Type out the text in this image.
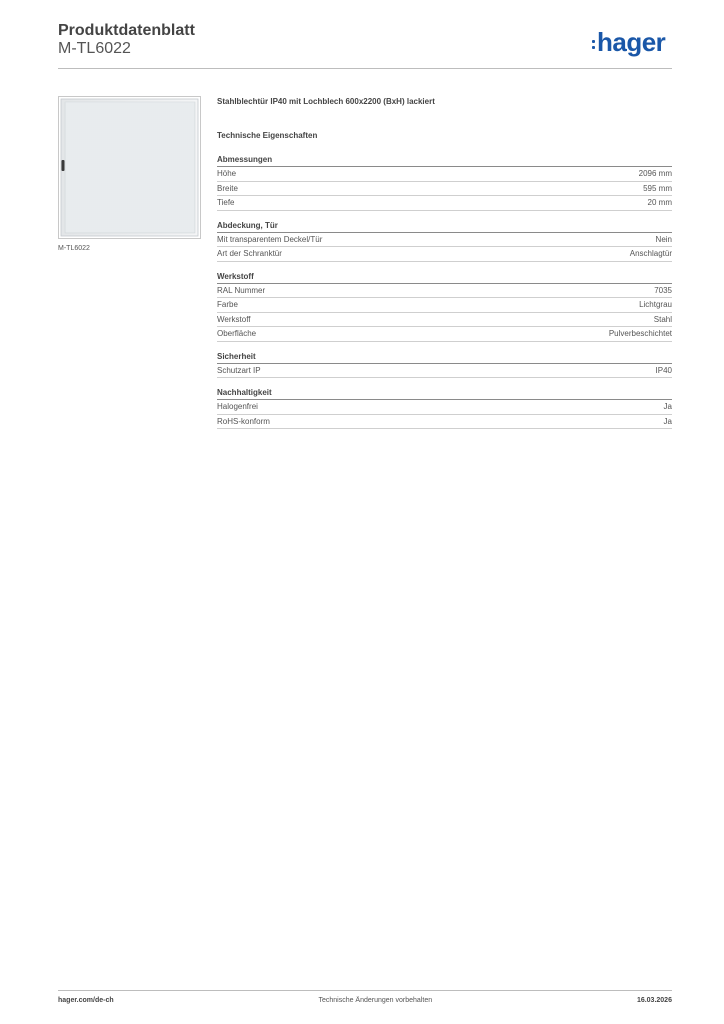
Produktdatenblatt
M-TL6022	hager
M-TL6022

Stahlblechtür IP40 mit Lochblech 600x2200 (BxH) lackiert

Technische Eigenschaften

Abmessungen
Höhe	2096 mm
Breite	595 mm
Tiefe	20 mm
Abdeckung, Tür
Mit transparentem Deckel/Tür	Nein
Art der Schranktür	Anschlagtür
Werkstoff
RAL Nummer	7035
Farbe	Lichtgrau
Werkstoff	Stahl
Oberfläche	Pulverbeschichtet
Sicherheit
Schutzart IP	IP40
Nachhaltigkeit
Halogenfrei	Ja
RoHS-konform	Ja
hager.com/de-ch	Technische Änderungen vorbehalten	16.03.2026
